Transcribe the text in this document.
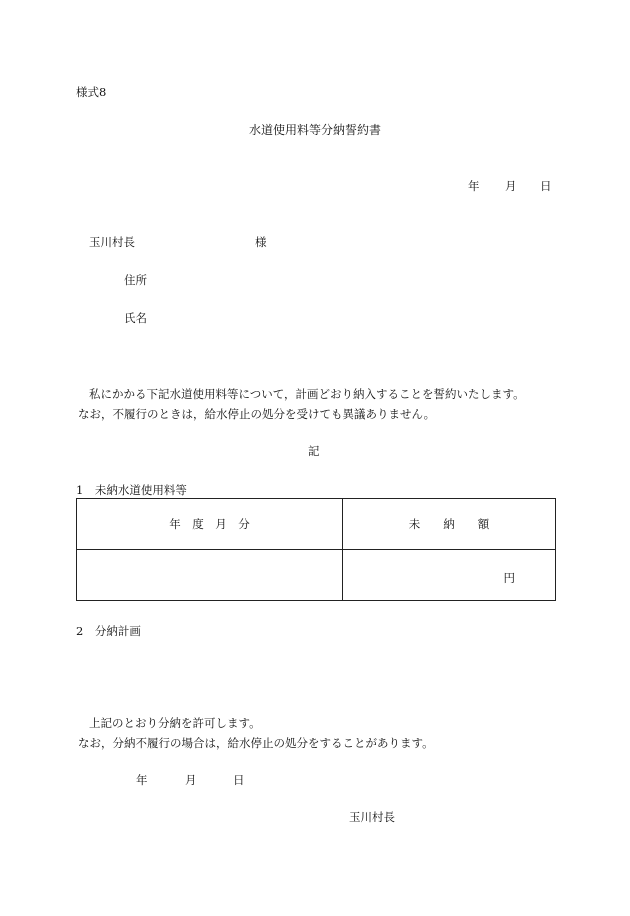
様式8
水道使用料等分納誓約書
年 月 日
玉川村長	様
住所
氏名
私にかかる下記水道使用料等について，計画どおり納入することを誓約いたします。
なお，不履行のときは，給水停止の処分を受けても異議ありません。
記
1　未納水道使用料等
年　度　月　分	未　　納　　額

	円
2　分納計画
上記のとおり分納を許可します。
なお，分納不履行の場合は，給水停止の処分をすることがあります。
年	月	日
玉川村長
